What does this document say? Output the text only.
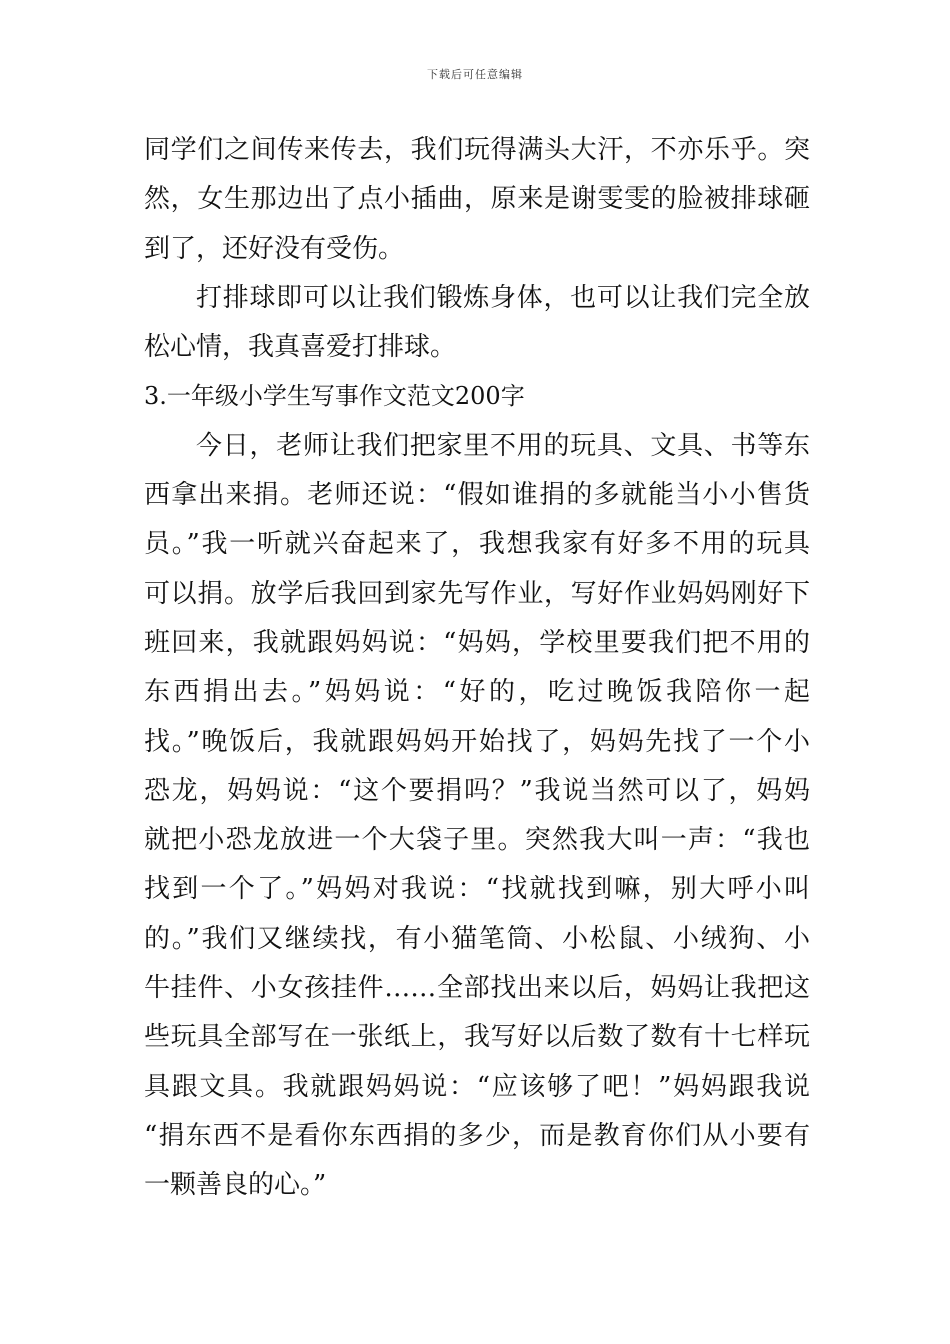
下载后可任意编辑
同学们之间传来传去，我们玩得满头大汗，不亦乐乎。突
然，女生那边出了点小插曲，原来是谢雯雯的脸被排球砸
到了，还好没有受伤。
打排球即可以让我们锻炼身体，也可以让我们完全放
松心情，我真喜爱打排球。
3.一年级小学生写事作文范文200字
今日，老师让我们把家里不用的玩具、文具、书等东
西拿出来捐。老师还说：“假如谁捐的多就能当小小售货
员。”我一听就兴奋起来了，我想我家有好多不用的玩具
可以捐。放学后我回到家先写作业，写好作业妈妈刚好下
班回来，我就跟妈妈说：“妈妈，学校里要我们把不用的
东西捐出去。”妈妈说：“好的，吃过晚饭我陪你一起
找。”晚饭后，我就跟妈妈开始找了，妈妈先找了一个小
恐龙，妈妈说：“这个要捐吗？”我说当然可以了，妈妈
就把小恐龙放进一个大袋子里。突然我大叫一声：“我也
找到一个了。”妈妈对我说：“找就找到嘛，别大呼小叫
的。”我们又继续找，有小猫笔筒、小松鼠、小绒狗、小
牛挂件、小女孩挂件……全部找出来以后，妈妈让我把这
些玩具全部写在一张纸上，我写好以后数了数有十七样玩
具跟文具。我就跟妈妈说：“应该够了吧！”妈妈跟我说
“捐东西不是看你东西捐的多少，而是教育你们从小要有
一颗善良的心。”
